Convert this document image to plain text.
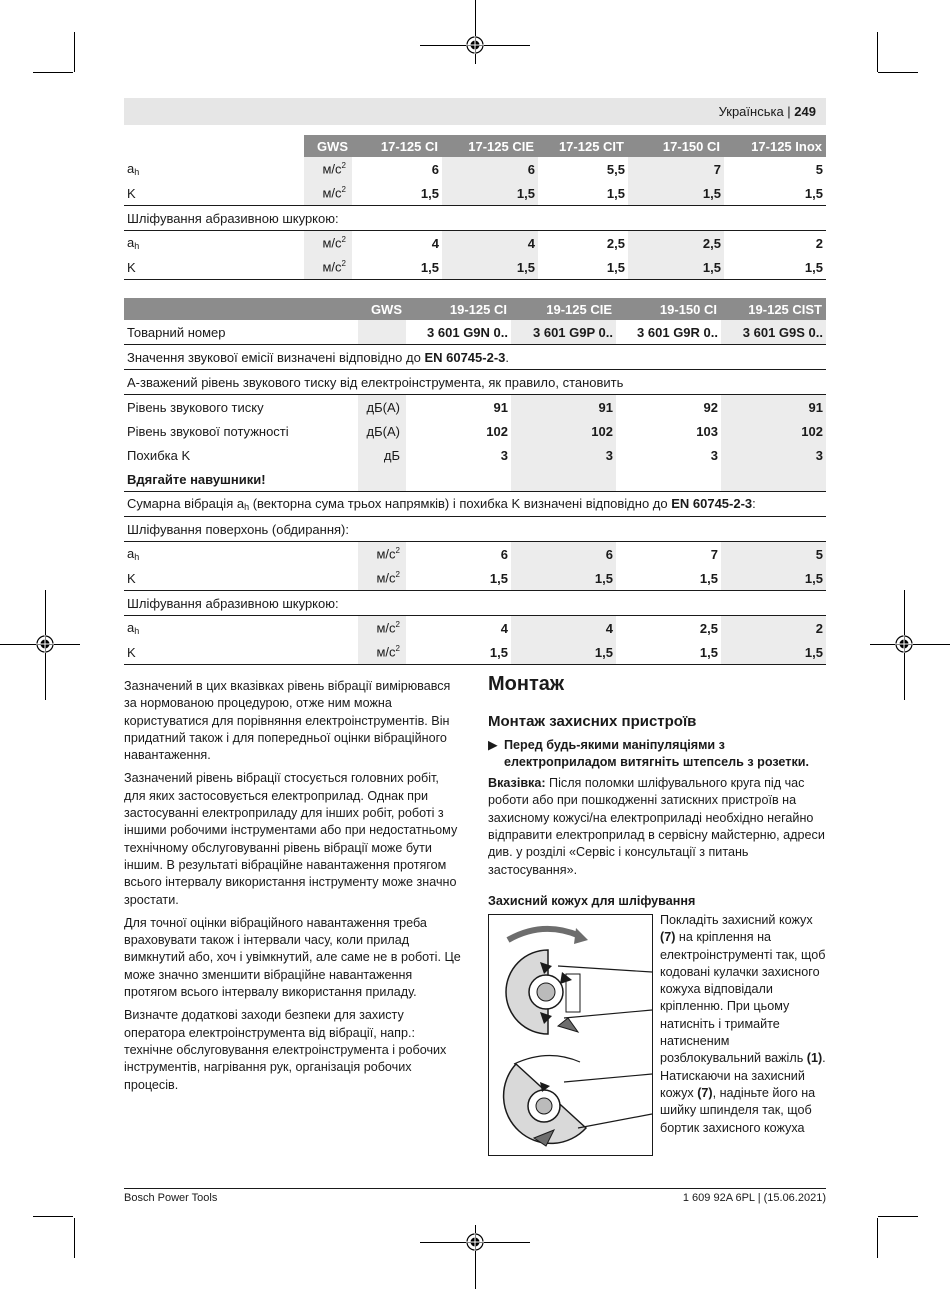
Українська | 249
	GWS	17-125 CI	17-125 CIE	17-125 CIT	17-150 CI	17-125 Inox
$a_h$	$м/с^2$	6	6	5,5	7	5
K	$м/с^2$	1,5	1,5	1,5	1,5	1,5
Шліфування абразивною шкуркою:						
$a_h$	$м/с^2$	4	4	2,5	2,5	2
K	$м/с^2$	1,5	1,5	1,5	1,5	1,5
	GWS	19-125 CI	19-125 CIE	19-150 CI	19-125 CIST
Товарний номер		3 601 G9N 0..	3 601 G9P 0..	3 601 G9R 0..	3 601 G9S 0..
Значення звукової емісії визначені відповідно до EN 60745-2-3.					
А-зважений рівень звукового тиску від електроінструмента, як правило, становить					
Рівень звукового тиску	дБ(А)	91	91	92	91
Рівень звукової потужності	дБ(А)	102	102	103	102
Похибка K	дБ	3	3	3	3
Вдягайте навушники!					
Сумарна вібрація $a_h$ (векторна сума трьох напрямків) і похибка K визначені відповідно до EN 60745-2-3:					
Шліфування поверхонь (обдирання):					
$a_h$	$м/с^2$	6	6	7	5
K	$м/с^2$	1,5	1,5	1,5	1,5
Шліфування абразивною шкуркою:					
$a_h$	$м/с^2$	4	4	2,5	2
K	$м/с^2$	1,5	1,5	1,5	1,5

Зазначений в цих вказівках рівень вібрації вимірювався за нормованою процедурою, отже ним можна користуватися для порівняння електроінструментів. Він придатний також і для попередньої оцінки вібраційного навантаження.

Зазначений рівень вібрації стосується головних робіт, для яких застосовується електроприлад. Однак при застосуванні електроприладу для інших робіт, роботі з іншими робочими інструментами або при недостатньому технічному обслуговуванні рівень вібрації може бути іншим. В результаті вібраційне навантаження протягом всього інтервалу використання інструменту може значно зростати.

Для точної оцінки вібраційного навантаження треба враховувати також і інтервали часу, коли прилад вимкнутий або, хоч і увімкнутий, але саме не в роботі. Це може значно зменшити вібраційне навантаження протягом всього інтервалу використання приладу.

Визначте додаткові заходи безпеки для захисту оператора електроінструмента від вібрації, напр.: технічне обслуговування електроінструмента і робочих інструментів, нагрівання рук, організація робочих процесів.

Монтаж
Монтаж захисних пристроїв
▶ Перед будь-якими маніпуляціями з електроприладом витягніть штепсель з розетки.
Вказівка: Після поломки шліфувального круга під час роботи або при пошкодженні затискних пристроїв на захисному кожусі/на електроприладі необхідно негайно відправити електроприлад в сервісну майстерню, адреси див. у розділі «Сервіс і консультації з питань застосування».
Захисний кожух для шліфування
Покладіть захисний кожух (7) на кріплення на електроінструменті так, щоб кодовані кулачки захисного кожуха відповідали кріпленню. При цьому натисніть і тримайте натисненим розблокувальний важіль (1).
Натискаючи на захисний кожух (7), надіньте його на шийку шпинделя так, щоб бортик захисного кожуха
Bosch Power Tools	1 609 92A 6PL | (15.06.2021)
